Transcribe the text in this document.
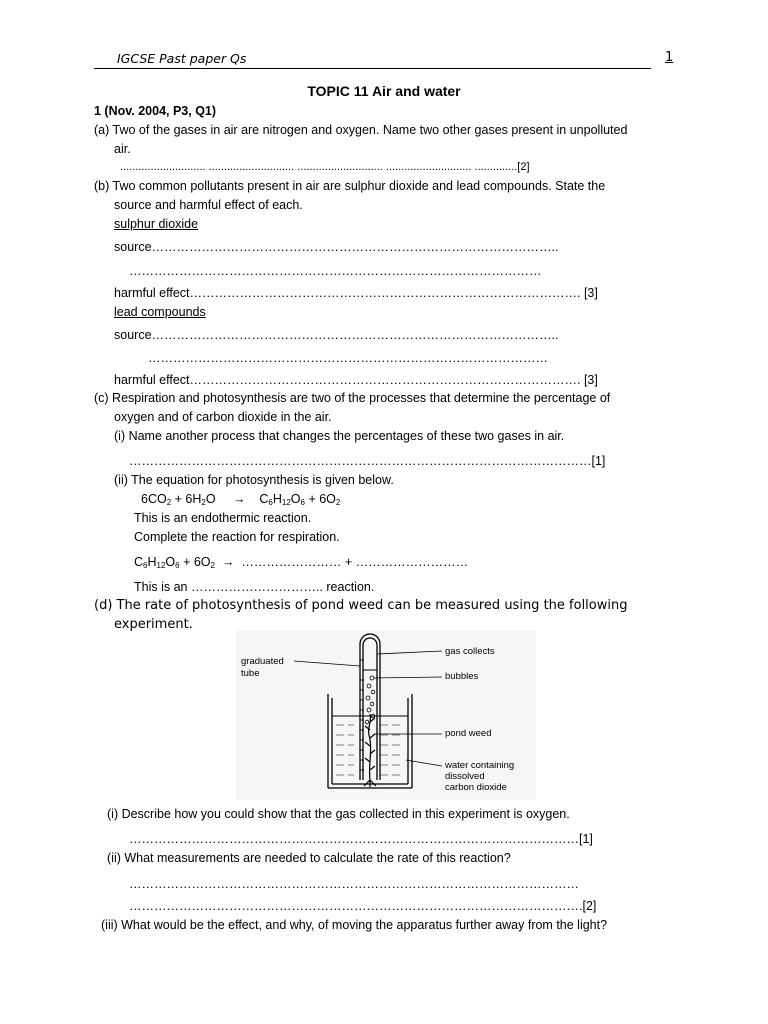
IGCSE Past paper Qs	1
TOPIC 11 Air and water
1 (Nov. 2004, P3, Q1)
(a) Two of the gases in air are nitrogen and oxygen. Name two other gases present in unpolluted
air.
............................ ............................ ............................ ............................ ..............[2]
(b) Two common pollutants present in air are sulphur dioxide and lead compounds. State the
source and harmful effect of each.
sulphur dioxide
source……………………………………………………………………………………..
………………………………………………………………………………………
harmful effect…………………………………………………………………………………. [3]
lead compounds
source……………………………………………………………………………………..
……………………………………………………………………………………
harmful effect…………………………………………………………………………………. [3]
(c) Respiration and photosynthesis are two of the processes that determine the percentage of
oxygen and of carbon dioxide in the air.
(i) Name another process that changes the percentages of these two gases in air.
…………………………………………………………………………………………………[1]
(ii) The equation for photosynthesis is given below.
$6CO_2 + 6H_2O \to C_6H_{12}O_6 + 6O_2$
This is an endothermic reaction.
Complete the reaction for respiration.
$C_6H_{12}O_6 + 6O_2$ → …………………… + ………………………
This is an ………………………….. reaction.
(d) The rate of photosynthesis of pond weed can be measured using the following
experiment.
graduated
tube
gas collects
bubbles
pond weed
water containing
dissolved
carbon dioxide
(i) Describe how you could show that the gas collected in this experiment is oxygen.
………………………………………………………………………………………………[1]
(ii) What measurements are needed to calculate the rate of this reaction?
………………………………………………………………………………………………
……………………………………………………………………………………………….[2]
(iii) What would be the effect, and why, of moving the apparatus further away from the light?
